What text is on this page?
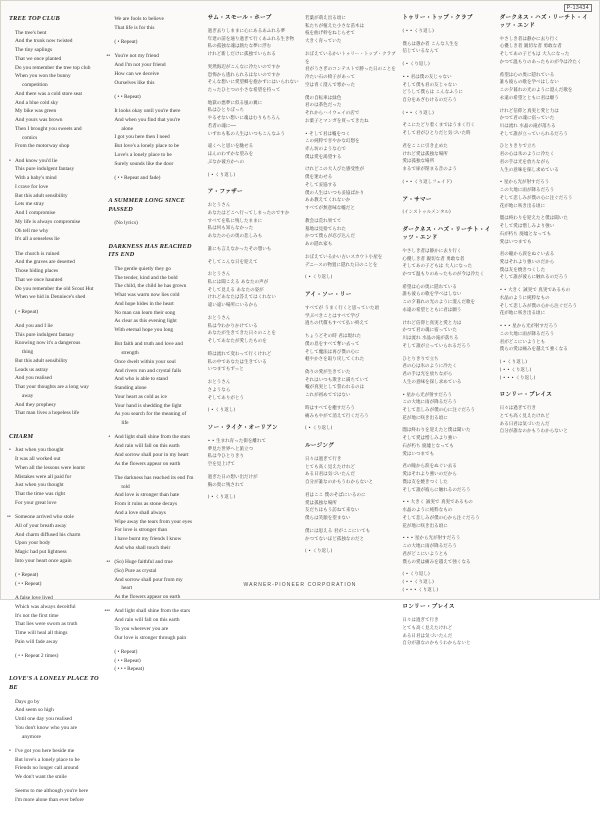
P-13434
TREE TOP CLUB
The tree's bent
And the trunk now twisted
The tiny saplings
That we once planted
Do you remember the tree top club
When you won the bunny
competition
And there was a cold store seat
And a blue cold sky
My bike was green
And yours was brown
Then I brought you sweets and
comics
From the motorway shop
• And know you'd lie
This pure indulgent fantasy
With a baby's mind
I crave for love
But this adult sensibility
Lets me stray
And I compromise
My life is always compromise
Oh tell me why
It's all a senseless lie
The church is ruined
And the graves are deserted
Those hiding places
That we once haunted
Do you remember the old Scout Hut
When we hid in Denniece's shed
( • Repeat)
And you and I lie
This pure indulgent fantasy
Knowing now it's a dangerous
thing
But this adult sensibility
Leads us astray
And you realised
That your thoughts are a long way
away
And they prophesy
That man lives a hopeless life
CHARM
• Just when you thought
It was all worked out
When all the lessons were learnt
Mistakes were all paid for
Just when you thought
That the time was right
For your great love
•• Someone arrived who stole
All of your breath away
And charm diffused his charm
Upon your body
Magic had put lightness
Into your heart once again
( • Repeat)
( • • Repeat)
A false love lived
Which was always deceitful
It's not the first time
That lies were sworn as truth
Time will heal all things
Pain will fade away
( • • Repeat 2 times)
LOVE'S A LONELY PLACE TO BE
Days go by
And seem so high
Until one day you realised
You don't know who you are
anymore
• I've got you here beside me
But love's a lonely place to be
Friends no longer call around
We don't want the smile
Seems to me although you're here
I'm more alone than ever before
We are fools to believe
That life is for this
( • Repeat)
•• You're not my friend
And I'm not your friend
How can we deceive
Ourselves like this
( • • Repeat)
It looks okay until you're there
And when you find that you're
alone
I got you here then I need
But love's a lonely place to be
Love's a lonely place to be
Surely sounds like the door
( • • Repeat and fade)
A SUMMER LONG SINCE PASSED
(No lyrics)
DARKNESS HAS REACHED ITS END
The gentle quietly they go
The tender, kind and the bold
The child, the child he has grown
What was warm now lies cold
And hope hides in the heart
No man can learn their song
As clear as this evening light
With eternal hope you long
But faith and truth and love and
strength
Once dwelt within your soul
And rivers run and crystal falls
And who is able to stand
Standing alone
Your heart as cold as ice
Your hand is shedding the light
As you search for the meaning of
life
• And light shall shine from the stars
And rain will fall on this earth
And sorrow shall pour in my heart
As the flowers appear on earth
The darkness has reached its end I'm
told
And love is stronger than hate
From it ruins as stone decays
And a love shall always
Wipe away the tears from your eyes
For love is stronger than
I have burnt my friends I know
And who shall touch their
•• (So) Huge faithful and true
(So) Pure as crystal
And sorrow shall pour from my
heart
As the flowers appear on earth
••• And light shall shine from the stars
And rain will fall on this earth
To you wherever you are
Our love is stronger through pain
( • Repeat)
( • • Repeat)
( • • • Repeat)
サム・スモール・ホープ
過ぎ去りしままに心にあるあふれる夢
年達の前を通り過ぎて行くあふれる生き物
私の孤独な魂は熱たな夢に浮む
けれど新しだけに孤独でいられる
突然海辺がこんなに冷たいのですか
恐怖から逃れられるはないのですか
そんな想いに愛望郷を抱かずにはいられない
たったひとつの小さな希望を持って
地獄の悪夢に似る風の翼に
私はひとりぼっち
やるせない想いに魂はむりもちろん
若者の魂に──
いずれも私の人生はいつもこんなふう
遠くへと思いを馳せる
ほんのわずかな望みを
ぶなか彼方かへの
( • くり返し)
ア・ファザー
おとうさん
あなたはどこへ行ってしまったのですか
すべてを私に残したままに
私は何も知らなかった
あなたの心の奥の悲しみも
誰にも言えなかったその想いも
そしてこんな日を迎えて
おとうさん
私には聞こえる あなたの声が
そして見える あなたの姿が
けれどあなたは答えてはくれない
遠い遠い場所にいるから
おとうさん
私は今わかりかけている
あなたが生きてきた日々のことを
そしてあなたが愛したものを
時は流れて変わって行くけれど
私の中であなたは生きている
いつまでもずっと
おとうさん
さようなら
そしてありがとう
( • くり返し)
ソー・ライク・オーリアン
• • 生まれ育った街を離れて
夢見た世界へと旅立つ
私は今ひとりきり
空を見上げて
過ぎた日の想い出だけが
胸の奥に残されて
( • くり返し)
若葉が萌え出る頃に
私たちが植えた小さな苗木は
枝を曲げ幹をねじらせて
大きく育っていた
おぼえているかいトゥリー・トップ・クラブを
君がうさぎのコンテストで勝った日のことを
冷たい石の椅子があって
空は青く澄んで寒かった
僕の自転車は緑色
君のは茶色だった
それからハイウェイの店で
お菓子とマンガを買ってきたね
• そして君は嘘をつく
この純粋で甘やかな幻想を
赤ん坊のような心で
僕は愛を渇望する
けれどこの大人びた感受性が
僕を迷わせる
そして妥協する
僕の人生はいつも妥協ばかり
ああ教えてくれないか
すべてが無意味な嘘だと
教会は荒れ果てて
墓地は見捨てられた
かつて僕らが忍び込んだ
あの隠れ家も
おぼえているかい古いスカウト小屋を
デニースの物置に隠れた日のことを
( • くり返し)
アイ・ソー・リー
すべてが うまく行くと思っていた頃
学ぶべきことはすべて学び
過ちの代償もすべて払い終えて
ちょうどその時 君は現れた
僕の息をすべて奪い去って
そして魔法は再び僕の心に
軽やかさを取り戻してくれた
偽りの愛が生きていた
それはいつも欺きに満ちていて
嘘が真実として誓われるのは
これが初めてではない
時はすべてを癒すだろう
痛みもやがて消えて行くだろう
( • くり返し)
ルージング
日々は過ぎて行き
とても高く見えたけれど
ある日君は気づいたんだ
自分が誰なのかもうわからないと
君はここ 僕のそばにいるのに
愛は孤独な場所
友だちはもう訪ねて来ない
僕らは笑顔を望まない
僕には思える 君がここにいても
かつてないほど孤独なのだと
( • くり返し)
トゥリー・トップ・クラブ
( • • くり返し)
僕らは愚か者 こんな人生を
信じているなんて
( • くり返し)
• • 君は僕の友じゃない
そして僕も君の友じゃない
どうして僕らは こんなふうに
自分をあざむけるのだろう
( • • くり返し)
そこにたどり着くまではうまく行く
そして君がひとりだと気づいた時
君をここに引き止めた
けれど愛は孤独な場所
愛は孤独な場所
まるで扉が閉まる音のよう
( • • くり返しフェイド)
ア・サマー
(インストゥルメンタル)
ダークネス・ハズ・リーチト・イッツ・エンド
やさしき者は静かに去り行く
心優しき者 親切な者 勇敢な者
そしてあの子どもは 大人になった
かつて温もりのあったものが今は冷たく
希望は心の奥に隠れている
誰も彼らの歌を学べはしない
この夕暮れの光のように澄んだ歌を
永遠の希望とともに君は願う
けれど信仰と真実と愛と力は
かつて君の魂に宿っていた
川は流れ 水晶の滝が落ちる
そして誰が立っていられるだろう
ひとりきりで立ち
君の心は氷のように冷たく
君の手は光を放ちながら
人生の意味を探し求めている
• 星から光が射すだろう
この大地に雨が降るだろう
そして悲しみが僕の心に注ぐだろう
花が地に咲き出る頃に
闇は終わりを迎えたと僕は聞いた
そして愛は憎しみより強い
石が朽ち 廃墟となっても
愛はいつまでも
君の瞳から涙をぬぐい去る
愛はそれより強いのだから
僕は友を焼きつくした
そして誰が彼らに触れるのだろう
• • 大きく 誠実で 真実であるもの
水晶のように純粋なもの
そして悲しみが僕の心から注ぐだろう
花が地に咲き出る頃に
• • • 星から光が射すだろう
この大地に雨が降るだろう
君がどこにいようとも
僕らの愛は痛みを越えて強くなる
( • くり返し)
( • • くり返し)
( • • • くり返し)
ロンリー・プレイス
日々は過ぎて行き
とても高く見えたけれど
ある日君は気づいたんだ
自分が誰なのかもうわからないと
ダークネス・ハズ・リーチト・イッツ・エンド
やさしき者は静かに去り行く
心優しき者 親切な者 勇敢な者
そしてあの子どもは 大人になった
かつて温もりのあったものが今は冷たく
希望は心の奥に隠れている
誰も彼らの歌を学べはしない
この夕暮れの光のように澄んだ歌を
永遠の希望とともに君は願う
けれど信仰と真実と愛と力は
かつて君の魂に宿っていた
川は流れ 水晶の滝が落ちる
そして誰が立っていられるだろう
ひとりきりで立ち
君の心は氷のように冷たく
君の手は光を放ちながら
人生の意味を探し求めている
• 星から光が射すだろう
この大地に雨が降るだろう
そして悲しみが僕の心に注ぐだろう
花が地に咲き出る頃に
闇は終わりを迎えたと僕は聞いた
そして愛は憎しみより強い
石が朽ち 廃墟となっても
愛はいつまでも
君の瞳から涙をぬぐい去る
愛はそれより強いのだから
僕は友を焼きつくした
そして誰が彼らに触れるのだろう
• • 大きく 誠実で 真実であるもの
水晶のように純粋なもの
そして悲しみが僕の心から注ぐだろう
花が地に咲き出る頃に
• • • 星から光が射すだろう
この大地に雨が降るだろう
君がどこにいようとも
僕らの愛は痛みを越えて強くなる
( • くり返し)
( • • くり返し)
( • • • くり返し)
ロンリー・プレイス
日々は過ぎて行き
とても高く見えたけれど
ある日君は気づいたんだ
自分が誰なのかもうわからないと
WARNER-PIONEER CORPORATION
